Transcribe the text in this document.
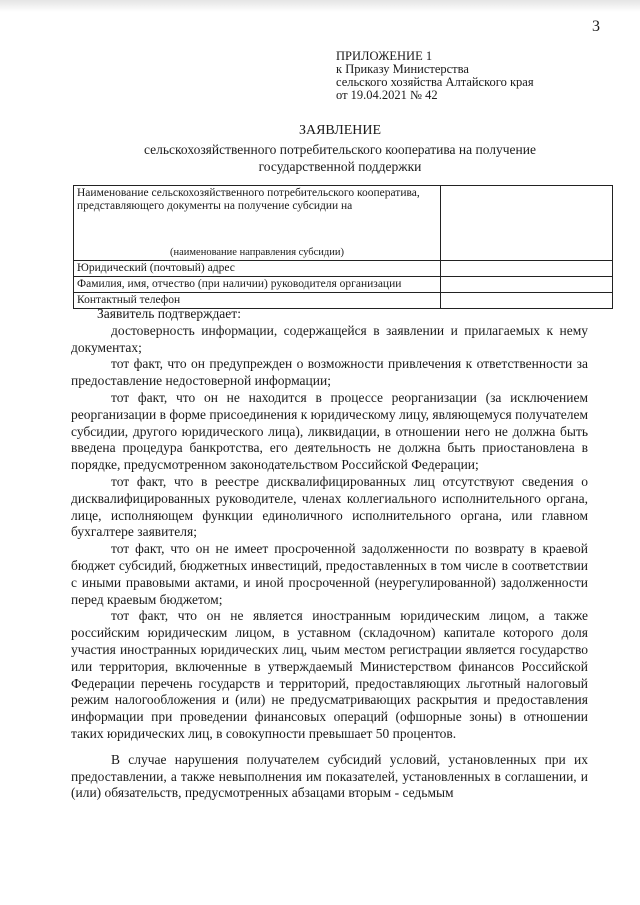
3
ПРИЛОЖЕНИЕ 1
к Приказу Министерства
сельского хозяйства Алтайского края
от 19.04.2021 № 42
ЗАЯВЛЕНИЕ
сельскохозяйственного потребительского кооператива на получение государственной поддержки
Наименование сельскохозяйственного потребительского кооператива, представляющего документы на получение субсидии на
(наименование направления субсидии)	

Юридический (почтовый) адрес	
Фамилия, имя, отчество (при наличии) руководителя организации	
Контактный телефон	

Заявитель подтверждает:

достоверность информации, содержащейся в заявлении и прилагаемых к нему документах;

тот факт, что он предупрежден о возможности привлечения к ответственности за предоставление недостоверной информации;

тот факт, что он не находится в процессе реорганизации (за исключением реорганизации в форме присоединения к юридическому лицу, являющемуся получателем субсидии, другого юридического лица), ликвидации, в отношении него не должна быть введена процедура банкротства, его деятельность не должна быть приостановлена в порядке, предусмотренном законодательством Российской Федерации;

тот факт, что в реестре дисквалифицированных лиц отсутствуют сведения о дисквалифицированных руководителе, членах коллегиального исполнительного органа, лице, исполняющем функции единоличного исполнительного органа, или главном бухгалтере заявителя;

тот факт, что он не имеет просроченной задолженности по возврату в краевой бюджет субсидий, бюджетных инвестиций, предоставленных в том числе в соответствии с иными правовыми актами, и иной просроченной (неурегулированной) задолженности перед краевым бюджетом;

тот факт, что он не является иностранным юридическим лицом, а также российским юридическим лицом, в уставном (складочном) капитале которого доля участия иностранных юридических лиц, чьим местом регистрации является государство или территория, включенные в утверждаемый Министерством финансов Российской Федерации перечень государств и территорий, предоставляющих льготный налоговый режим налогообложения и (или) не предусматривающих раскрытия и предоставления информации при проведении финансовых операций (офшорные зоны) в отношении таких юридических лиц, в совокупности превышает 50 процентов.

В случае нарушения получателем субсидий условий, установленных при их предоставлении, а также невыполнения им показателей, установленных в соглашении, и (или) обязательств, предусмотренных абзацами вторым - седьмым
